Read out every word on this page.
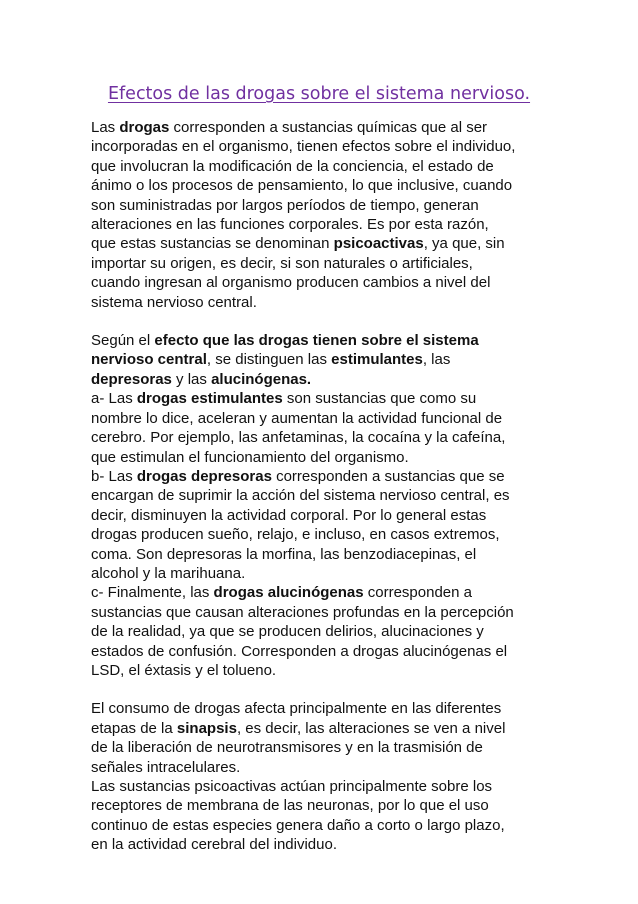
Efectos de las drogas sobre el sistema nervioso.
Las drogas corresponden a sustancias químicas que al ser
incorporadas en el organismo, tienen efectos sobre el individuo,
que involucran la modificación de la conciencia, el estado de
ánimo o los procesos de pensamiento, lo que inclusive, cuando
son suministradas por largos períodos de tiempo, generan
alteraciones en las funciones corporales. Es por esta razón,
que estas sustancias se denominan psicoactivas, ya que, sin
importar su origen, es decir, si son naturales o artificiales,
cuando ingresan al organismo producen cambios a nivel del
sistema nervioso central.
Según el efecto que las drogas tienen sobre el sistema
nervioso central, se distinguen las estimulantes, las
depresoras y las alucinógenas.
a- Las drogas estimulantes son sustancias que como su
nombre lo dice, aceleran y aumentan la actividad funcional de
cerebro. Por ejemplo, las anfetaminas, la cocaína y la cafeína,
que estimulan el funcionamiento del organismo.
b- Las drogas depresoras corresponden a sustancias que se
encargan de suprimir la acción del sistema nervioso central, es
decir, disminuyen la actividad corporal. Por lo general estas
drogas producen sueño, relajo, e incluso, en casos extremos,
coma. Son depresoras la morfina, las benzodiacepinas, el
alcohol y la marihuana.
c- Finalmente, las drogas alucinógenas corresponden a
sustancias que causan alteraciones profundas en la percepción
de la realidad, ya que se producen delirios, alucinaciones y
estados de confusión. Corresponden a drogas alucinógenas el
LSD, el éxtasis y el tolueno.
El consumo de drogas afecta principalmente en las diferentes
etapas de la sinapsis, es decir, las alteraciones se ven a nivel
de la liberación de neurotransmisores y en la trasmisión de
señales intracelulares.
Las sustancias psicoactivas actúan principalmente sobre los
receptores de membrana de las neuronas, por lo que el uso
continuo de estas especies genera daño a corto o largo plazo,
en la actividad cerebral del individuo.
